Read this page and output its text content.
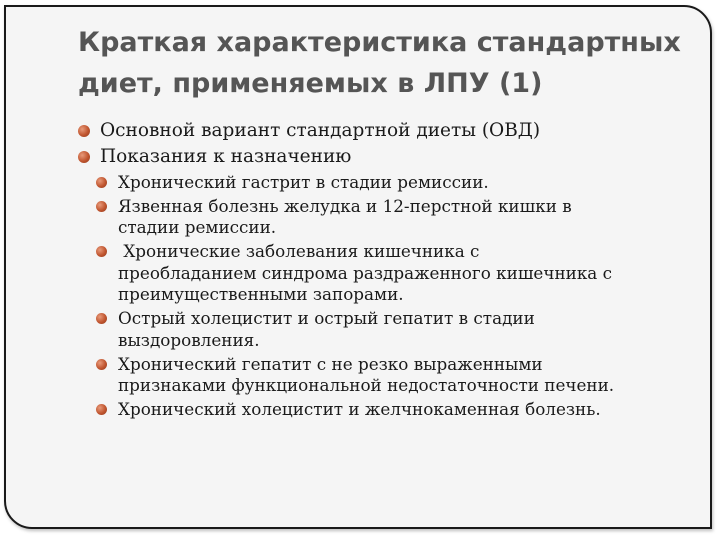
Краткая характеристика стандартных
диет, применяемых в ЛПУ (1)
Основной вариант стандартной диеты (ОВД)
Показания к назначению
Хронический гастрит в стадии ремиссии.
Язвенная болезнь желудка и 12-перстной кишки в
стадии ремиссии.
Хронические заболевания кишечника с
преобладанием синдрома раздраженного кишечника с
преимущественными запорами.
Острый холецистит и острый гепатит в стадии
выздоровления.
Хронический гепатит с не резко выраженными
признаками функциональной недостаточности печени.
Хронический холецистит и желчнокаменная болезнь.
